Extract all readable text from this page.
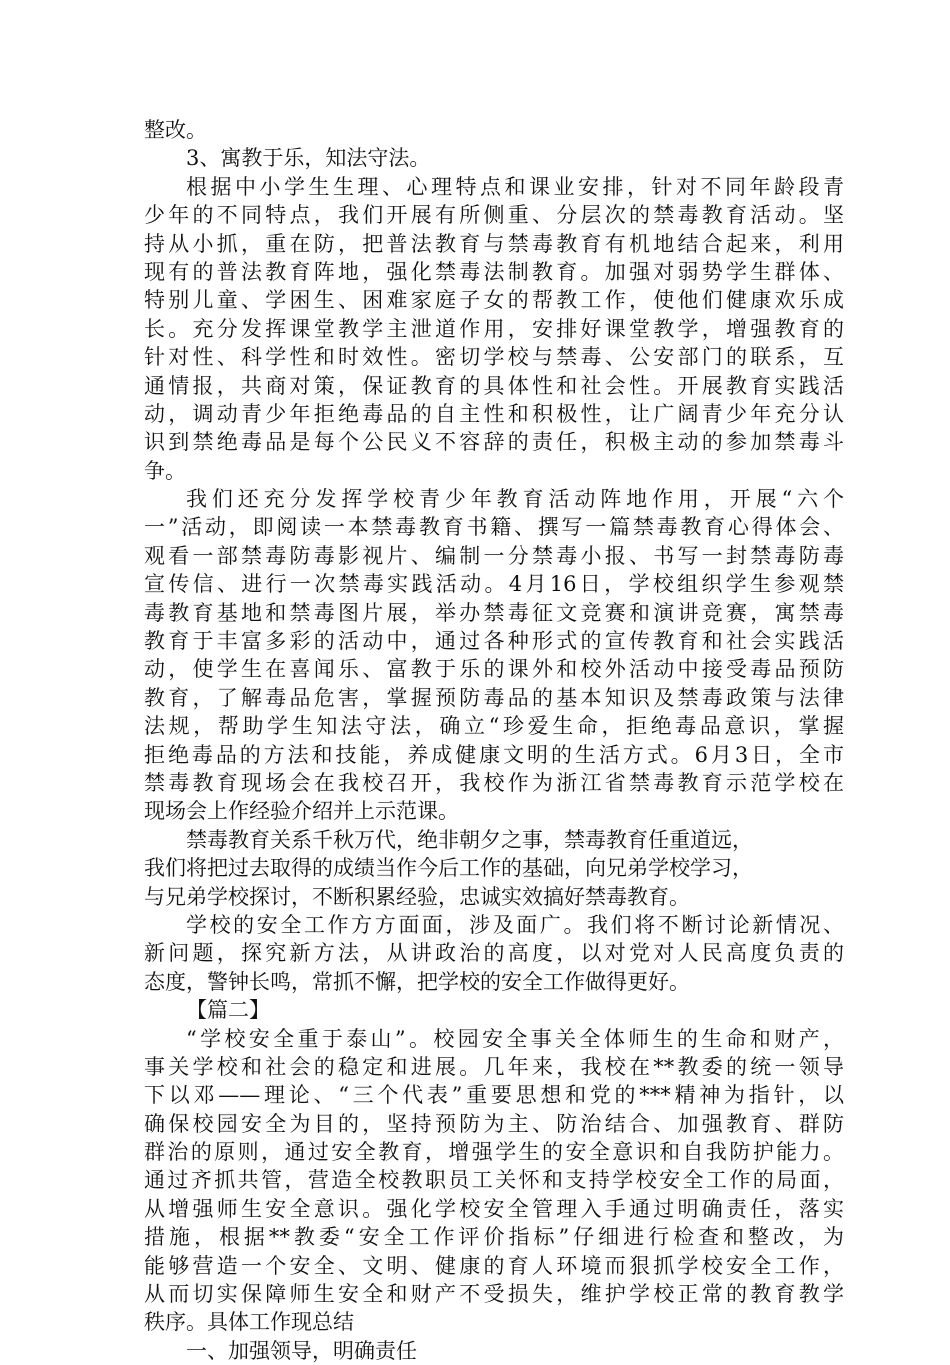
整改。
3、寓教于乐，知法守法。
根据中小学生生理、心理特点和课业安排，针对不同年龄段青
少年的不同特点，我们开展有所侧重、分层次的禁毒教育活动。坚
持从小抓，重在防，把普法教育与禁毒教育有机地结合起来，利用
现有的普法教育阵地，强化禁毒法制教育。加强对弱势学生群体、
特别儿童、学困生、困难家庭子女的帮教工作，使他们健康欢乐成
长。充分发挥课堂教学主泄道作用，安排好课堂教学，增强教育的
针对性、科学性和时效性。密切学校与禁毒、公安部门的联系，互
通情报，共商对策，保证教育的具体性和社会性。开展教育实践活
动，调动青少年拒绝毒品的自主性和积极性，让广阔青少年充分认
识到禁绝毒品是每个公民义不容辞的责任，积极主动的参加禁毒斗
争。
我们还充分发挥学校青少年教育活动阵地作用，开展“六个
一”活动，即阅读一本禁毒教育书籍、撰写一篇禁毒教育心得体会、
观看一部禁毒防毒影视片、编制一分禁毒小报、书写一封禁毒防毒
宣传信、进行一次禁毒实践活动。4月16日，学校组织学生参观禁
毒教育基地和禁毒图片展，举办禁毒征文竞赛和演讲竞赛，寓禁毒
教育于丰富多彩的活动中，通过各种形式的宣传教育和社会实践活
动，使学生在喜闻乐、富教于乐的课外和校外活动中接受毒品预防
教育，了解毒品危害，掌握预防毒品的基本知识及禁毒政策与法律
法规，帮助学生知法守法，确立“珍爱生命，拒绝毒品意识，掌握
拒绝毒品的方法和技能，养成健康文明的生活方式。6月3日，全市
禁毒教育现场会在我校召开，我校作为浙江省禁毒教育示范学校在
现场会上作经验介绍并上示范课。
禁毒教育关系千秋万代，绝非朝夕之事，禁毒教育任重道远，
我们将把过去取得的成绩当作今后工作的基础，向兄弟学校学习，
与兄弟学校探讨，不断积累经验，忠诚实效搞好禁毒教育。
学校的安全工作方方面面，涉及面广。我们将不断讨论新情况、
新问题，探究新方法，从讲政治的高度，以对党对人民高度负责的
态度，警钟长鸣，常抓不懈，把学校的安全工作做得更好。
【篇二】
“学校安全重于泰山”。校园安全事关全体师生的生命和财产，
事关学校和社会的稳定和进展。几年来，我校在**教委的统一领导
下以邓——理论、“三个代表”重要思想和党的***精神为指针，以
确保校园安全为目的，坚持预防为主、防治结合、加强教育、群防
群治的原则，通过安全教育，增强学生的安全意识和自我防护能力。
通过齐抓共管，营造全校教职员工关怀和支持学校安全工作的局面，
从增强师生安全意识。强化学校安全管理入手通过明确责任，落实
措施，根据**教委“安全工作评价指标”仔细进行检查和整改，为
能够营造一个安全、文明、健康的育人环境而狠抓学校安全工作，
从而切实保障师生安全和财产不受损失，维护学校正常的教育教学
秩序。具体工作现总结
一、加强领导，明确责任
